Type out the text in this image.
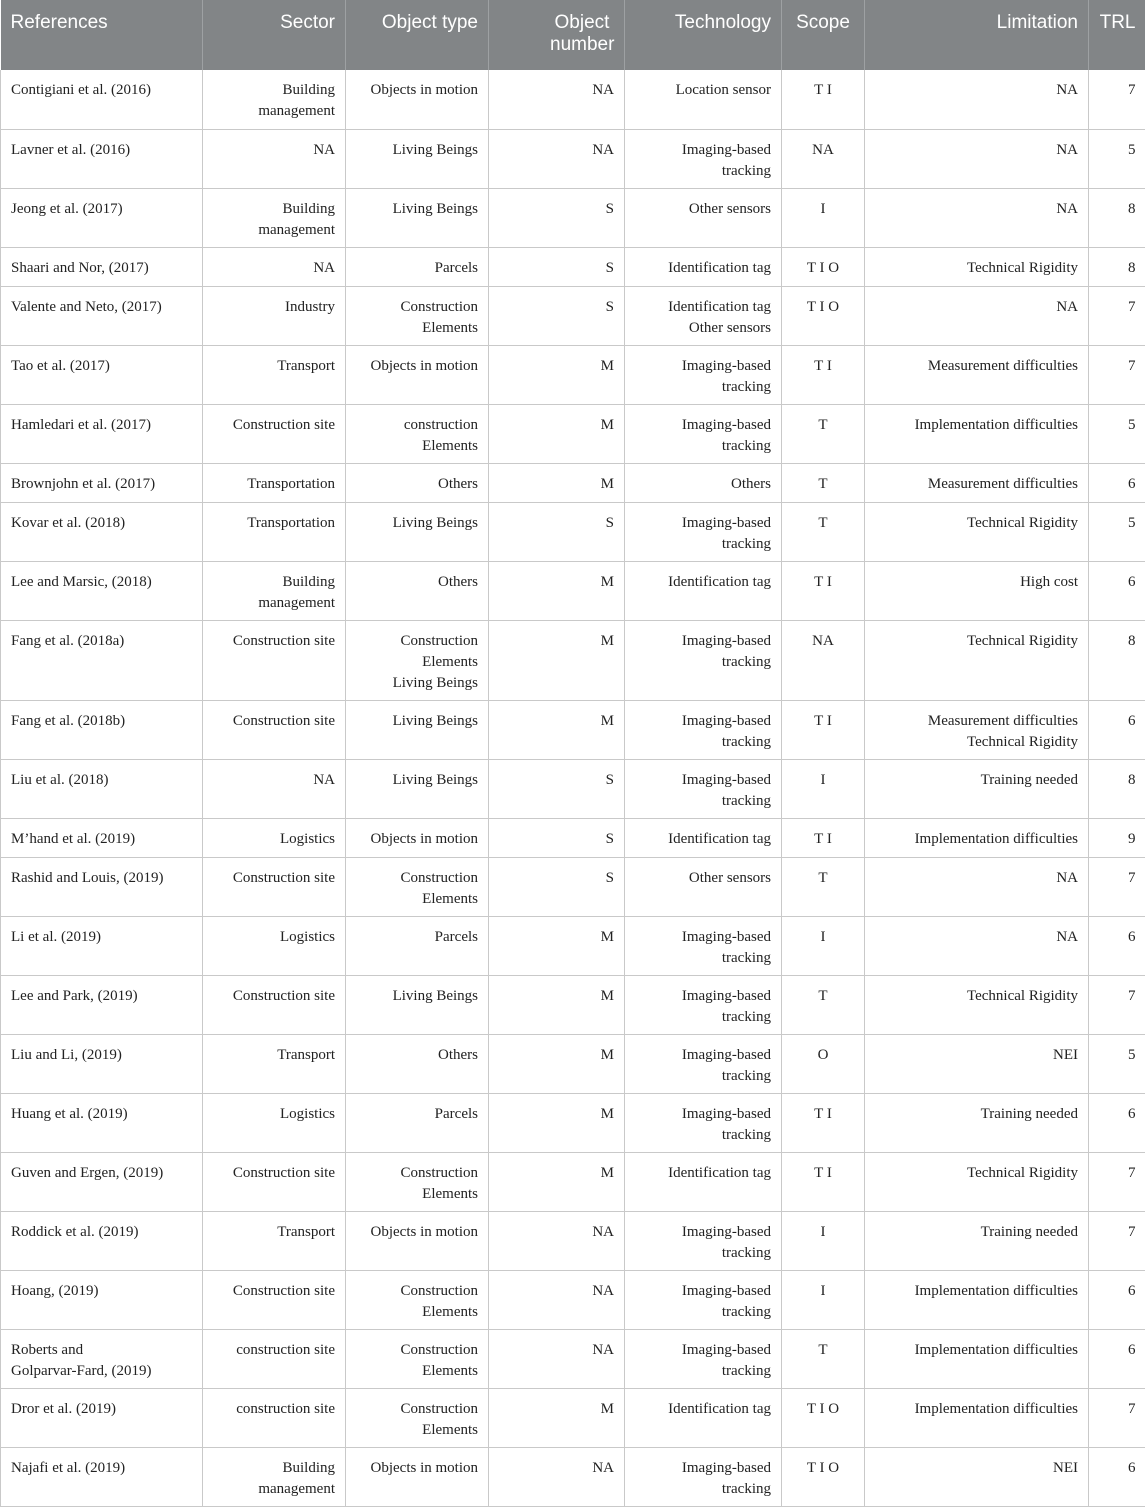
References	Sector	Object type	Object number	Technology	Scope	Limitation	TRL
Contigiani et al. (2016)	Building
management	Objects in motion	NA	Location sensor	T I	NA	7
Lavner et al. (2016)	NA	Living Beings	NA	Imaging-based
tracking	NA	NA	5
Jeong et al. (2017)	Building
management	Living Beings	S	Other sensors	I	NA	8
Shaari and Nor, (2017)	NA	Parcels	S	Identification tag	T I O	Technical Rigidity	8
Valente and Neto, (2017)	Industry	Construction
Elements	S	Identification tag
Other sensors	T I O	NA	7
Tao et al. (2017)	Transport	Objects in motion	M	Imaging-based
tracking	T I	Measurement difficulties	7
Hamledari et al. (2017)	Construction site	construction
Elements	M	Imaging-based
tracking	T	Implementation difficulties	5
Brownjohn et al. (2017)	Transportation	Others	M	Others	T	Measurement difficulties	6
Kovar et al. (2018)	Transportation	Living Beings	S	Imaging-based
tracking	T	Technical Rigidity	5
Lee and Marsic, (2018)	Building
management	Others	M	Identification tag	T I	High cost	6
Fang et al. (2018a)	Construction site	Construction
Elements
Living Beings	M	Imaging-based
tracking	NA	Technical Rigidity	8
Fang et al. (2018b)	Construction site	Living Beings	M	Imaging-based
tracking	T I	Measurement difficulties
Technical Rigidity	6
Liu et al. (2018)	NA	Living Beings	S	Imaging-based
tracking	I	Training needed	8
M’hand et al. (2019)	Logistics	Objects in motion	S	Identification tag	T I	Implementation difficulties	9
Rashid and Louis, (2019)	Construction site	Construction
Elements	S	Other sensors	T	NA	7
Li et al. (2019)	Logistics	Parcels	M	Imaging-based
tracking	I	NA	6
Lee and Park, (2019)	Construction site	Living Beings	M	Imaging-based
tracking	T	Technical Rigidity	7
Liu and Li, (2019)	Transport	Others	M	Imaging-based
tracking	O	NEI	5
Huang et al. (2019)	Logistics	Parcels	M	Imaging-based
tracking	T I	Training needed	6
Guven and Ergen, (2019)	Construction site	Construction
Elements	M	Identification tag	T I	Technical Rigidity	7
Roddick et al. (2019)	Transport	Objects in motion	NA	Imaging-based
tracking	I	Training needed	7
Hoang, (2019)	Construction site	Construction
Elements	NA	Imaging-based
tracking	I	Implementation difficulties	6
Roberts and
Golparvar-Fard, (2019)	construction site	Construction
Elements	NA	Imaging-based
tracking	T	Implementation difficulties	6
Dror et al. (2019)	construction site	Construction
Elements	M	Identification tag	T I O	Implementation difficulties	7
Najafi et al. (2019)	Building
management	Objects in motion	NA	Imaging-based
tracking	T I O	NEI	6
